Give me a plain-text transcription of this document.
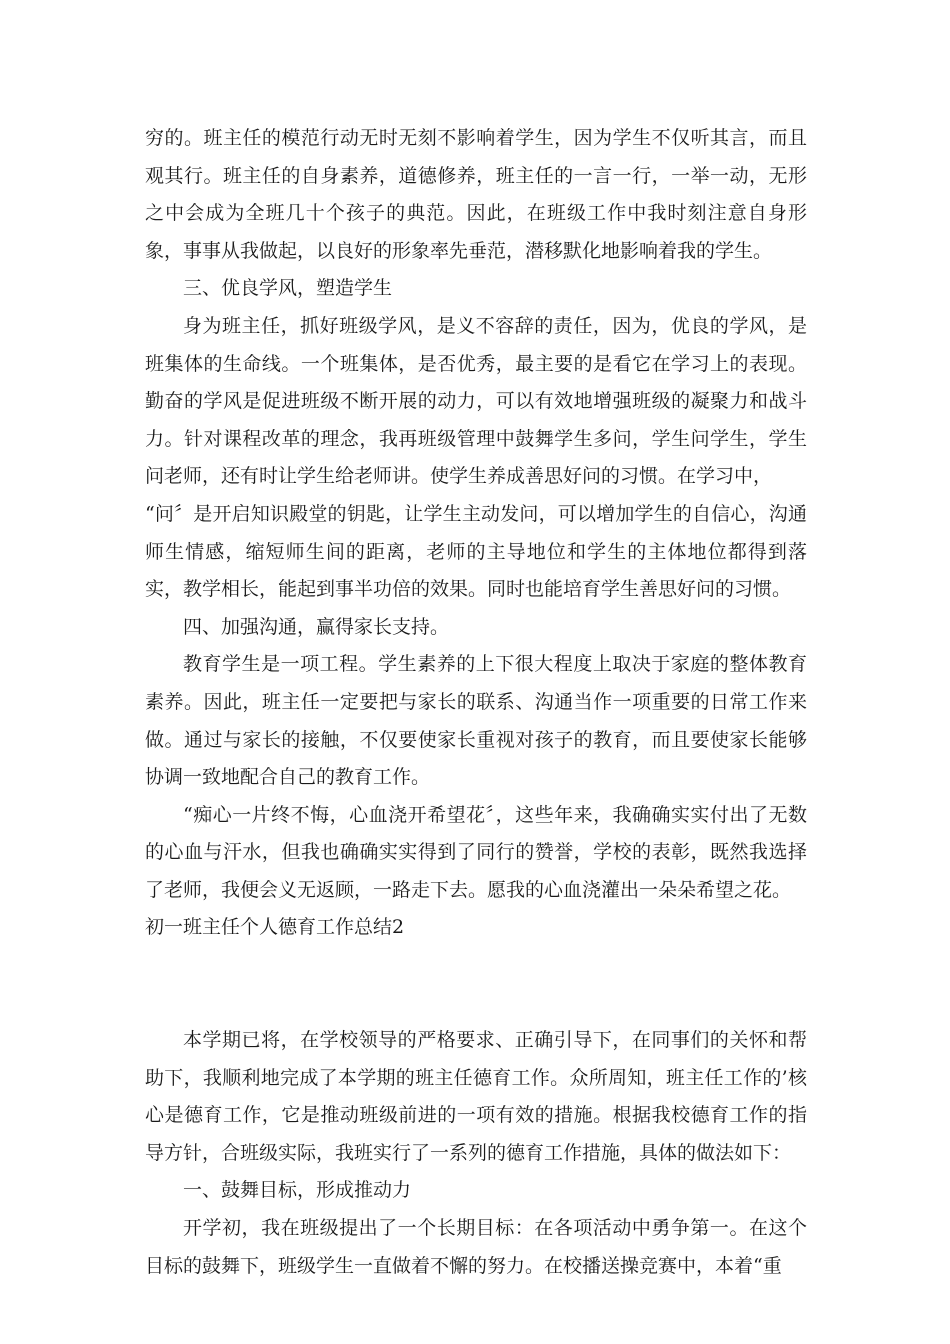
穷的。班主任的模范行动无时无刻不影响着学生，因为学生不仅听其言，而且观其行。班主任的自身素养，道德修养，班主任的一言一行，一举一动，无形之中会成为全班几十个孩子的典范。因此，在班级工作中我时刻注意自身形象，事事从我做起，以良好的形象率先垂范，潜移默化地影响着我的学生。

三、优良学风，塑造学生

身为班主任，抓好班级学风，是义不容辞的责任，因为，优良的学风，是班集体的生命线。一个班集体，是否优秀，最主要的是看它在学习上的表现。勤奋的学风是促进班级不断开展的动力，可以有效地增强班级的凝聚力和战斗力。针对课程改革的理念，我再班级管理中鼓舞学生多问，学生问学生，学生问老师，还有时让学生给老师讲。使学生养成善思好问的习惯。在学习中，

“问〞是开启知识殿堂的钥匙，让学生主动发问，可以增加学生的自信心，沟通师生情感，缩短师生间的距离，老师的主导地位和学生的主体地位都得到落实，教学相长，能起到事半功倍的效果。同时也能培育学生善思好问的习惯。

四、加强沟通，赢得家长支持。

教育学生是一项工程。学生素养的上下很大程度上取决于家庭的整体教育素养。因此，班主任一定要把与家长的联系、沟通当作一项重要的日常工作来做。通过与家长的接触，不仅要使家长重视对孩子的教育，而且要使家长能够协调一致地配合自己的教育工作。

“痴心一片终不悔，心血浇开希望花〞，这些年来，我确确实实付出了无数的心血与汗水，但我也确确实实得到了同行的赞誉，学校的表彰，既然我选择了老师，我便会义无返顾，一路走下去。愿我的心血浇灌出一朵朵希望之花。

初一班主任个人德育工作总结2

本学期已将，在学校领导的严格要求、正确引导下，在同事们的关怀和帮助下，我顺利地完成了本学期的班主任德育工作。众所周知，班主任工作的’核心是德育工作，它是推动班级前进的一项有效的措施。根据我校德育工作的指导方针，合班级实际，我班实行了一系列的德育工作措施，具体的做法如下：

一、鼓舞目标，形成推动力

开学初，我在班级提出了一个长期目标：在各项活动中勇争第一。在这个目标的鼓舞下，班级学生一直做着不懈的努力。在校播送操竞赛中，本着“重
